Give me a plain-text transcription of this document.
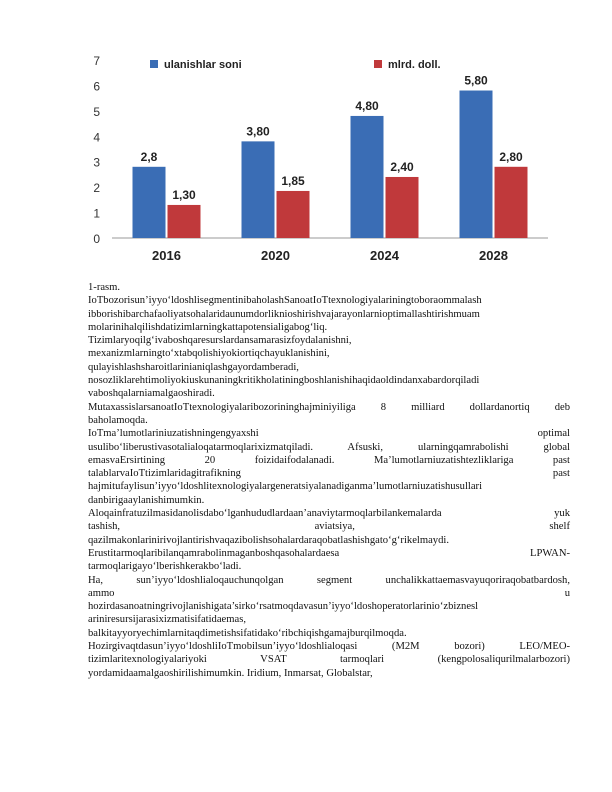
0
1
2
3
4
5
6
7
2,8
1,30
2016
3,80
1,85
2020
4,80
2,40
2024
5,80
2,80
2028
ulanishlar soni	mlrd. doll.

1-rasm.

IoTbozorisun’iyyo‘ldoshlisegmentinibaholashSanoatIoTtexnologiyalariningtoboraommalash

ibborishibarchafaoliyatsohalaridaunumdorliknioshirishvajarayonlarnioptimallashtirishmuam

molarinihalqilishdatizimlarningkattapotensialigabog‘liq.

Tizimlaryoqilg‘ivaboshqaresurslardansamarasizfoydalanishni,

mexanizmlarningto‘xtabqolishiyokiortiqchayuklanishini,

qulayishlashsharoitlarinianiqlashgayordamberadi,

nosozliklarehtimoliyokiuskunaningkritikholatiningboshlanishihaqidaoldindanxabardorqiladi

vaboshqalarniamalgaoshiradi.

MutaxassislarsanoatIoTtexnologiyalaribozorininghajminiyiliga 8 milliard dollardanortiq deb

baholamoqda.

IoTma’lumotlariniuzatishningengyaxshi optimal

usulibo‘liberustivasotalialoqatarmoqlarixizmatqiladi. Afsuski, ularningqamrabolishi global

emasvaErsirtining 20 foizidaifodalanadi. Ma’lumotlarniuzatishtezliklariga past

talablarvaIoTtizimlaridagitrafikning past

hajmitufaylisun’iyyo‘ldoshlitexnologiyalargeneratsiyalanadiganma’lumotlarniuzatishusullari

danbirigaaylanishimumkin.

Aloqainfratuzilmasidanolisdabo‘lganhududlardaan’anaviytarmoqlarbilankemalarda yuk

tashish, aviatsiya, shelf

qazilmakonlarinirivojlantirishvaqazibolishsohalardaraqobatlashishgato‘g‘rikelmaydi.

Erustitarmoqlaribilanqamrabolinmaganboshqasohalardaesa LPWAN-

tarmoqlarigayo‘lberishkerakbo‘ladi.

Ha, sun’iyyo‘ldoshlialoqauchunqolgan segment unchalikkattaemasvayuqoriraqobatbardosh,

ammo u

hozirdasanoatningrivojlanishigata’sirko‘rsatmoqdavasun’iyyo‘ldoshoperatorlarinio‘zbiznesl

ariniresursijarasixizmatisifatidaemas,

balkitayyoryechimlarnitaqdimetishsifatidako‘ribchiqishgamajburqilmoqda.

Hozirgivaqtdasun’iyyo‘ldoshliIoTmobilsun’iyyo‘ldoshlialoqasi (M2M bozori) LEO/MEO-

tizimlaritexnologiyalariyoki VSAT tarmoqlari (kengpolosaliqurilmalarbozori)

yordamidaamalgaoshirilishimumkin. Iridium, Inmarsat, Globalstar,
